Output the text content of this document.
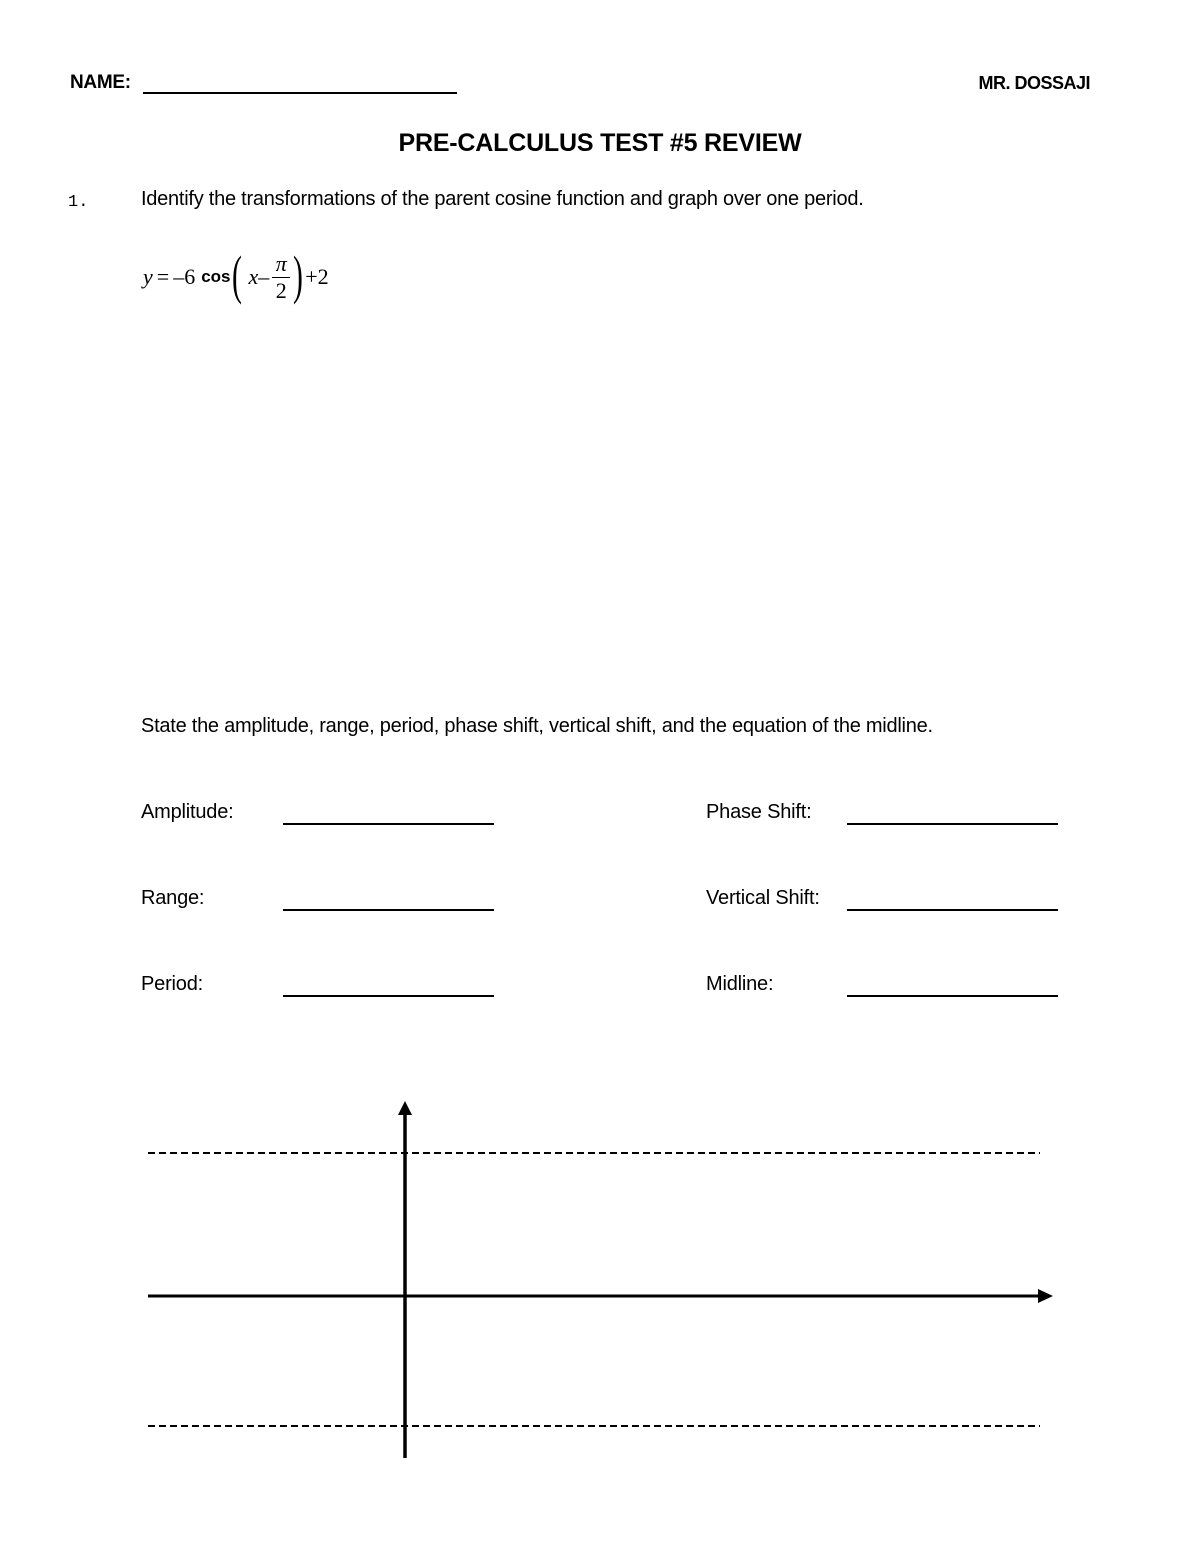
NAME:	MR. DOSSAJI
PRE-CALCULUS TEST #5 REVIEW
1.	Identify the transformations of the parent cosine function and graph over one period.
y = –6 cos ( x – $\frac{\pi}{2}$ ) +2
State the amplitude, range, period, phase shift, vertical shift, and the equation of the midline.
Amplitude:
Range:
Period:
Phase Shift:
Vertical Shift:
Midline:
